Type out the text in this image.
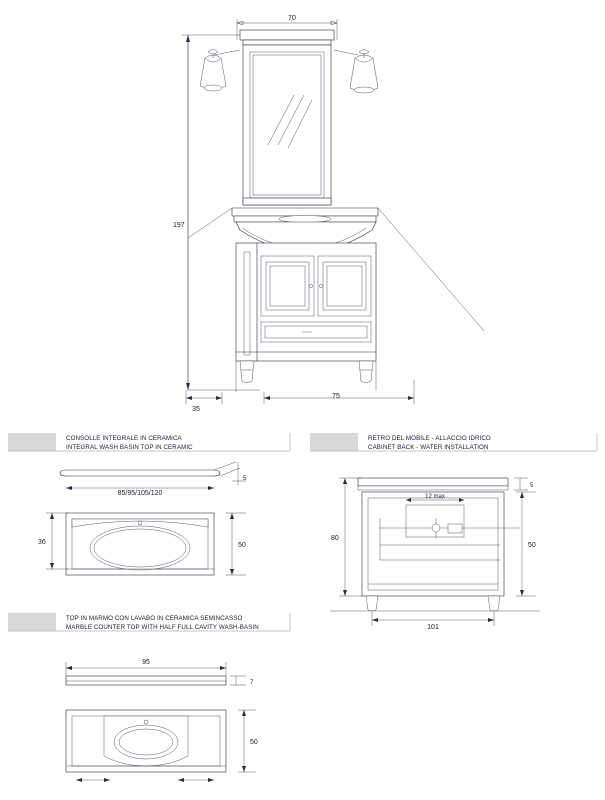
70
197
35
75
CONSOLLE INTEGRALE IN CERAMICA
INTEGRAL WASH BASIN TOP IN CERAMIC
5
85/95/105/120
36	50
RETRO DEL MOBILE - ALLACCIO IDRICO
CABINET BACK - WATER INSTALLATION
5
12 max
80
50
101
TOP IN MARMO CON LAVABO IN CERAMICA SEMINCASSO
MARBLE COUNTER TOP WITH HALF FULL CAVITY WASH-BASIN
95
7
50
